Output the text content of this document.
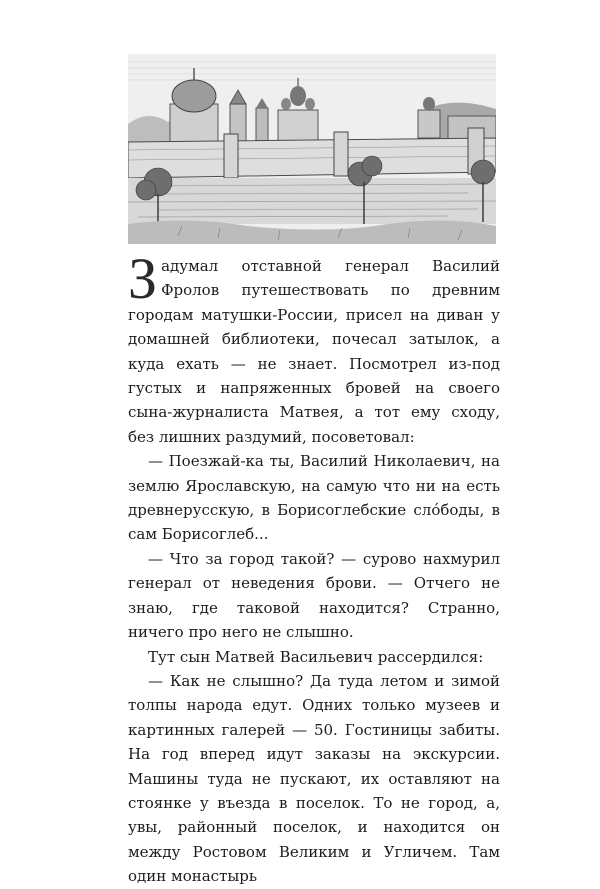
Задумал отставной генерал Василий Фролов путешествовать по древним городам матушки-России, присел на диван у домашней библиотеки, почесал затылок, а куда ехать — не знает. Посмотрел из-под густых и напряженных бровей на своего сына-журналиста Матвея, а тот ему сходу, без лишних раздумий, посоветовал:

— Поезжай-ка ты, Василий Николаевич, на землю Ярославскую, на самую что ни на есть древнерусскую, в Борисоглебские слóбоды, в сам Борисоглеб...

— Что за город такой? — сурово нахмурил генерал от неведения брови. — Отчего не знаю, где таковой находится? Странно, ничего про него не слышно.

Тут сын Матвей Васильевич рассердился:

— Как не слышно? Да туда летом и зимой толпы народа едут. Одних только музеев и картинных галерей — 50. Гостиницы забиты. На год вперед идут заказы на экскурсии. Машины туда не пускают, их оставляют на стоянке у въезда в поселок. То не город, а, увы, районный поселок, и находится он между Ростовом Великим и Угличем. Там один монастырь
